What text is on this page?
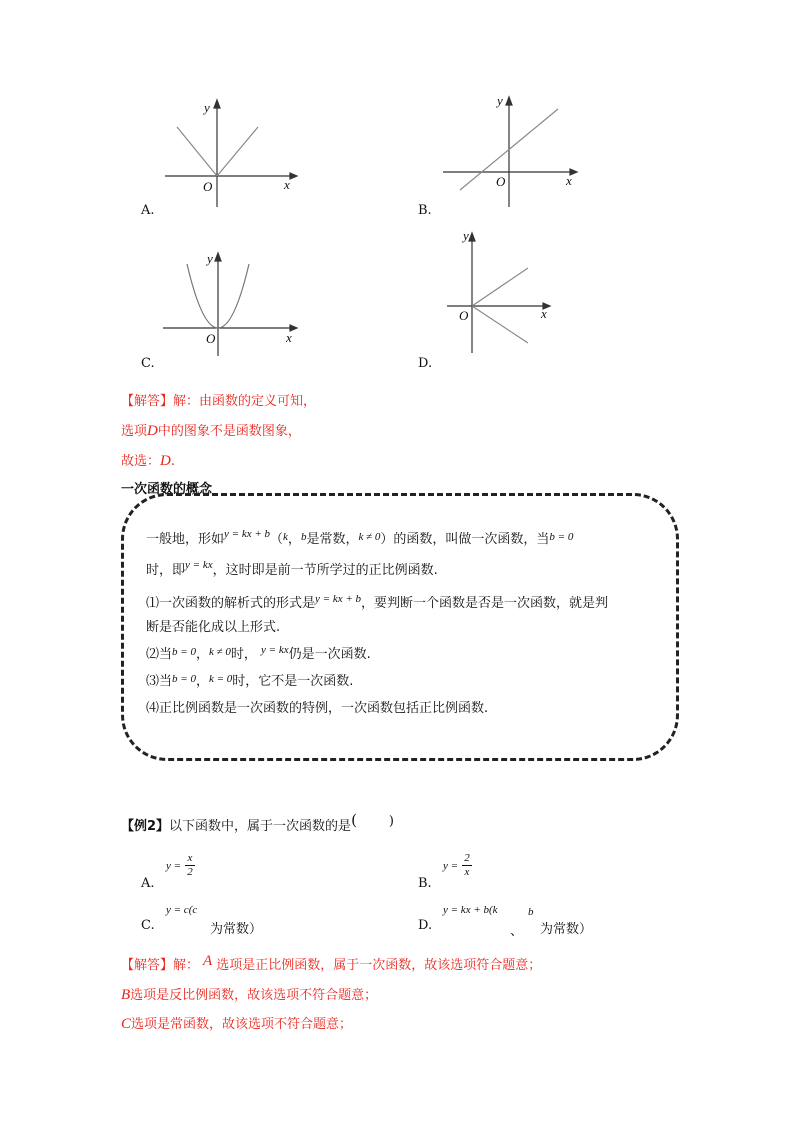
y
x
O
A.
y
x
O
B.
y
x
O
C.
y
x
O
D.
【解答】解：由函数的定义可知，
选项D中的图象不是函数图象，
故选：D.
一次函数的概念
一般地，形如$^{y = kx + b}$（$^k$，$^b$是常数，$^{k \ne 0}$）的函数，叫做一次函数，当$^{b = 0}$
时，即$^{y = kx}$，这时即是前一节所学过的正比例函数.
⑴一次函数的解析式的形式是$^{y = kx + b}$，要判断一个函数是否是一次函数，就是判
断是否能化成以上形式.
⑵当$^{b = 0}$，$^{k \ne 0}$时， $^{y = kx}$仍是一次函数.
⑶当$^{b = 0}$，$^{k = 0}$时，它不是一次函数.
⑷正比例函数是一次函数的特例，一次函数包括正比例函数.
【例2】以下函数中，属于一次函数的是( )
A.
$y = \frac{x}{2}$
B.
$y = \frac{2}{x}$
C.
y = c(c
为常数）	D.
y = kx + b(k
、
b
为常数）
【解答】解： A 选项是正比例函数，属于一次函数，故该选项符合题意；
B选项是反比例函数，故该选项不符合题意；
C选项是常函数，故该选项不符合题意；
